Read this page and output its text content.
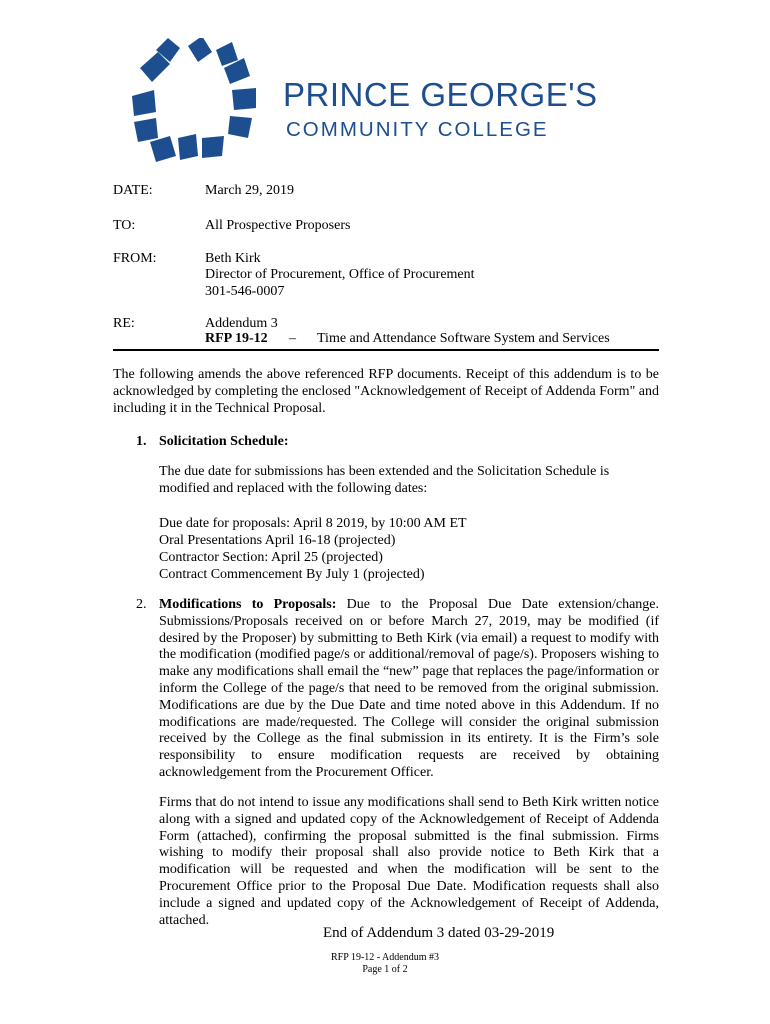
PRINCE GEORGE'S
COMMUNITY COLLEGE
DATE:	March 29, 2019
TO:	All Prospective Proposers
FROM:	Beth Kirk
Director of Procurement, Office of Procurement
301-546-0007
RE:	Addendum 3
RFP 19-12 – Time and Attendance Software System and Services

The following amends the above referenced RFP documents. Receipt of this addendum is to be acknowledged by completing the enclosed "Acknowledgement of Receipt of Addenda Form" and including it in the Technical Proposal.

1. Solicitation Schedule:

The due date for submissions has been extended and the Solicitation Schedule is modified and replaced with the following dates:

Due date for proposals: April 8 2019, by 10:00 AM ET
Oral Presentations April 16-18 (projected)
Contractor Section: April 25 (projected)
Contract Commencement By July 1 (projected)
2. Modifications to Proposals: Due to the Proposal Due Date extension/change. Submissions/Proposals received on or before March 27, 2019, may be modified (if desired by the Proposer) by submitting to Beth Kirk (via email) a request to modify with the modification (modified page/s or additional/removal of page/s). Proposers wishing to make any modifications shall email the “new” page that replaces the page/information or inform the College of the page/s that need to be removed from the original submission. Modifications are due by the Due Date and time noted above in this Addendum. If no modifications are made/requested. The College will consider the original submission received by the College as the final submission in its entirety. It is the Firm’s sole responsibility to ensure modification requests are received by obtaining acknowledgement from the Procurement Officer.

Firms that do not intend to issue any modifications shall send to Beth Kirk written notice along with a signed and updated copy of the Acknowledgement of Receipt of Addenda Form (attached), confirming the proposal submitted is the final submission. Firms wishing to modify their proposal shall also provide notice to Beth Kirk that a modification will be requested and when the modification will be sent to the Procurement Office prior to the Proposal Due Date. Modification requests shall also include a signed and updated copy of the Acknowledgement of Receipt of Addenda, attached.

End of Addendum 3 dated 03-29-2019
RFP 19-12 - Addendum #3
Page 1 of 2
